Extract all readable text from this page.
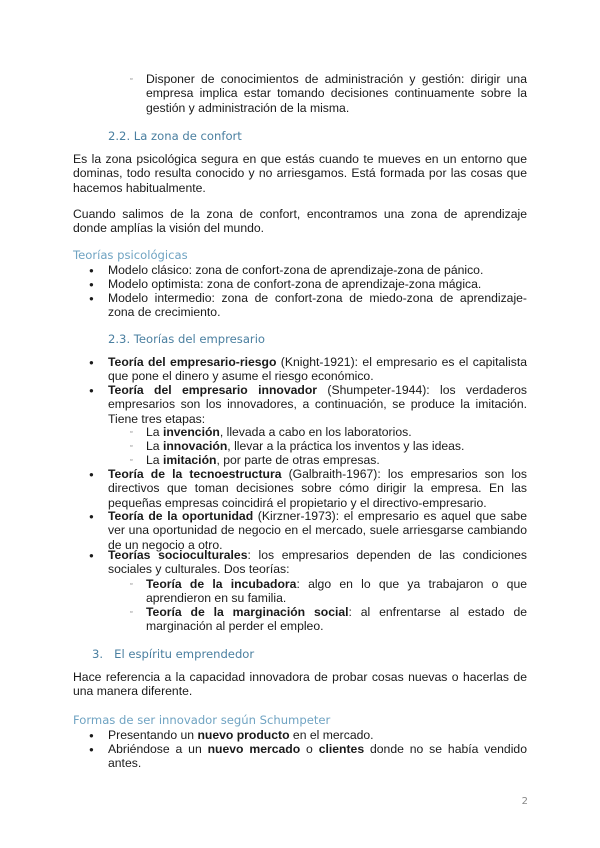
▫ Disponer de conocimientos de administración y gestión: dirigir una empresa implica estar tomando decisiones continuamente sobre la gestión y administración de la misma.
2.2. La zona de confort
Es la zona psicológica segura en que estás cuando te mueves en un entorno que dominas, todo resulta conocido y no arriesgamos. Está formada por las cosas que hacemos habitualmente.
Cuando salimos de la zona de confort, encontramos una zona de aprendizaje donde amplías la visión del mundo.
Teorías psicológicas
● Modelo clásico: zona de confort-zona de aprendizaje-zona de pánico.
● Modelo optimista: zona de confort-zona de aprendizaje-zona mágica.
● Modelo intermedio: zona de confort-zona de miedo-zona de aprendizaje-zona de crecimiento.
2.3. Teorías del empresario
● Teoría del empresario-riesgo (Knight-1921): el empresario es el capitalista que pone el dinero y asume el riesgo económico.
● Teoría del empresario innovador (Shumpeter-1944): los verdaderos empresarios son los innovadores, a continuación, se produce la imitación. Tiene tres etapas:
▫ La invención, llevada a cabo en los laboratorios.
▫ La innovación, llevar a la práctica los inventos y las ideas.
▫ La imitación, por parte de otras empresas.
● Teoría de la tecnoestructura (Galbraith-1967): los empresarios son los directivos que toman decisiones sobre cómo dirigir la empresa. En las pequeñas empresas coincidirá el propietario y el directivo-empresario.
● Teoría de la oportunidad (Kirzner-1973): el empresario es aquel que sabe ver una oportunidad de negocio en el mercado, suele arriesgarse cambiando de un negocio a otro.
● Teorías socioculturales: los empresarios dependen de las condiciones sociales y culturales. Dos teorías:
▫ Teoría de la incubadora: algo en lo que ya trabajaron o que aprendieron en su familia.
▫ Teoría de la marginación social: al enfrentarse al estado de marginación al perder el empleo.
3.   El espíritu emprendedor
Hace referencia a la capacidad innovadora de probar cosas nuevas o hacerlas de una manera diferente.
Formas de ser innovador según Schumpeter
● Presentando un nuevo producto en el mercado.
● Abriéndose a un nuevo mercado o clientes donde no se había vendido antes.
2
